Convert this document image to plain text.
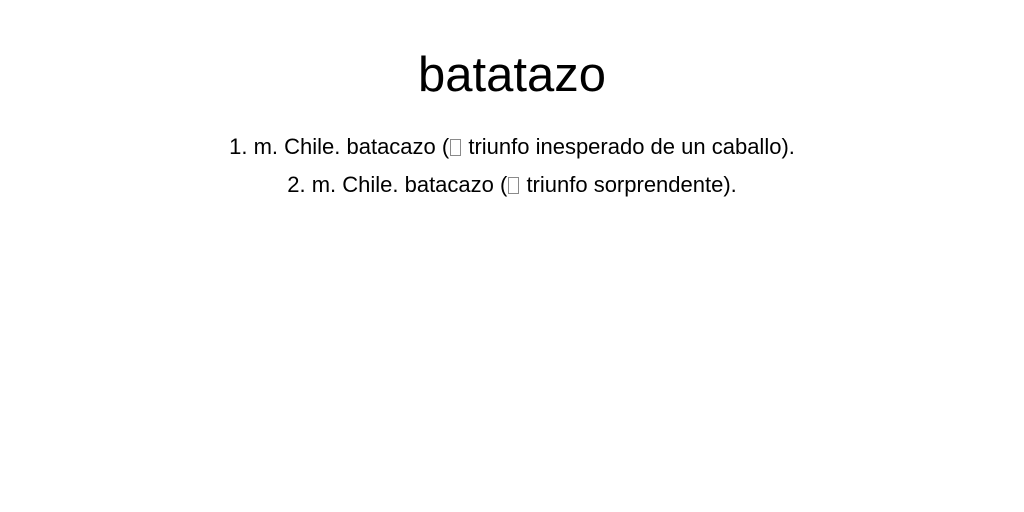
batatazo
1. m. Chile. batacazo ( triunfo inesperado de un caballo).
2. m. Chile. batacazo ( triunfo sorprendente).
